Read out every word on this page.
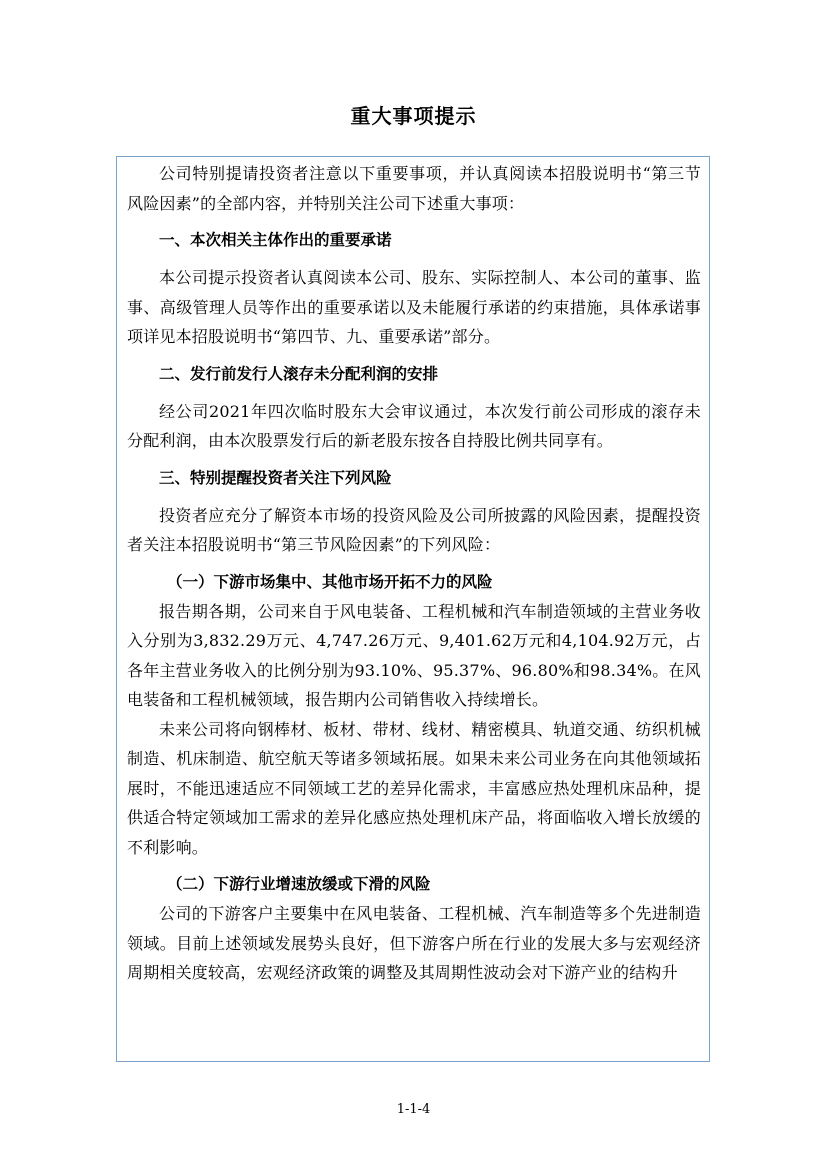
重大事项提示

公司特别提请投资者注意以下重要事项，并认真阅读本招股说明书“第三节风险因素”的全部内容，并特别关注公司下述重大事项：

一、本次相关主体作出的重要承诺

本公司提示投资者认真阅读本公司、股东、实际控制人、本公司的董事、监事、高级管理人员等作出的重要承诺以及未能履行承诺的约束措施，具体承诺事项详见本招股说明书“第四节、九、重要承诺”部分。

二、发行前发行人滚存未分配利润的安排

经公司2021年四次临时股东大会审议通过，本次发行前公司形成的滚存未分配利润，由本次股票发行后的新老股东按各自持股比例共同享有。

三、特别提醒投资者关注下列风险

投资者应充分了解资本市场的投资风险及公司所披露的风险因素，提醒投资者关注本招股说明书“第三节风险因素”的下列风险：

（一）下游市场集中、其他市场开拓不力的风险

报告期各期，公司来自于风电装备、工程机械和汽车制造领域的主营业务收入分别为3,832.29万元、4,747.26万元、9,401.62万元和4,104.92万元，占各年主营业务收入的比例分别为93.10%、95.37%、96.80%和98.34%。在风电装备和工程机械领域，报告期内公司销售收入持续增长。

未来公司将向钢棒材、板材、带材、线材、精密模具、轨道交通、纺织机械制造、机床制造、航空航天等诸多领域拓展。如果未来公司业务在向其他领域拓展时，不能迅速适应不同领域工艺的差异化需求，丰富感应热处理机床品种，提供适合特定领域加工需求的差异化感应热处理机床产品，将面临收入增长放缓的不利影响。

（二）下游行业增速放缓或下滑的风险

公司的下游客户主要集中在风电装备、工程机械、汽车制造等多个先进制造领域。目前上述领域发展势头良好，但下游客户所在行业的发展大多与宏观经济周期相关度较高，宏观经济政策的调整及其周期性波动会对下游产业的结构升

1-1-4
